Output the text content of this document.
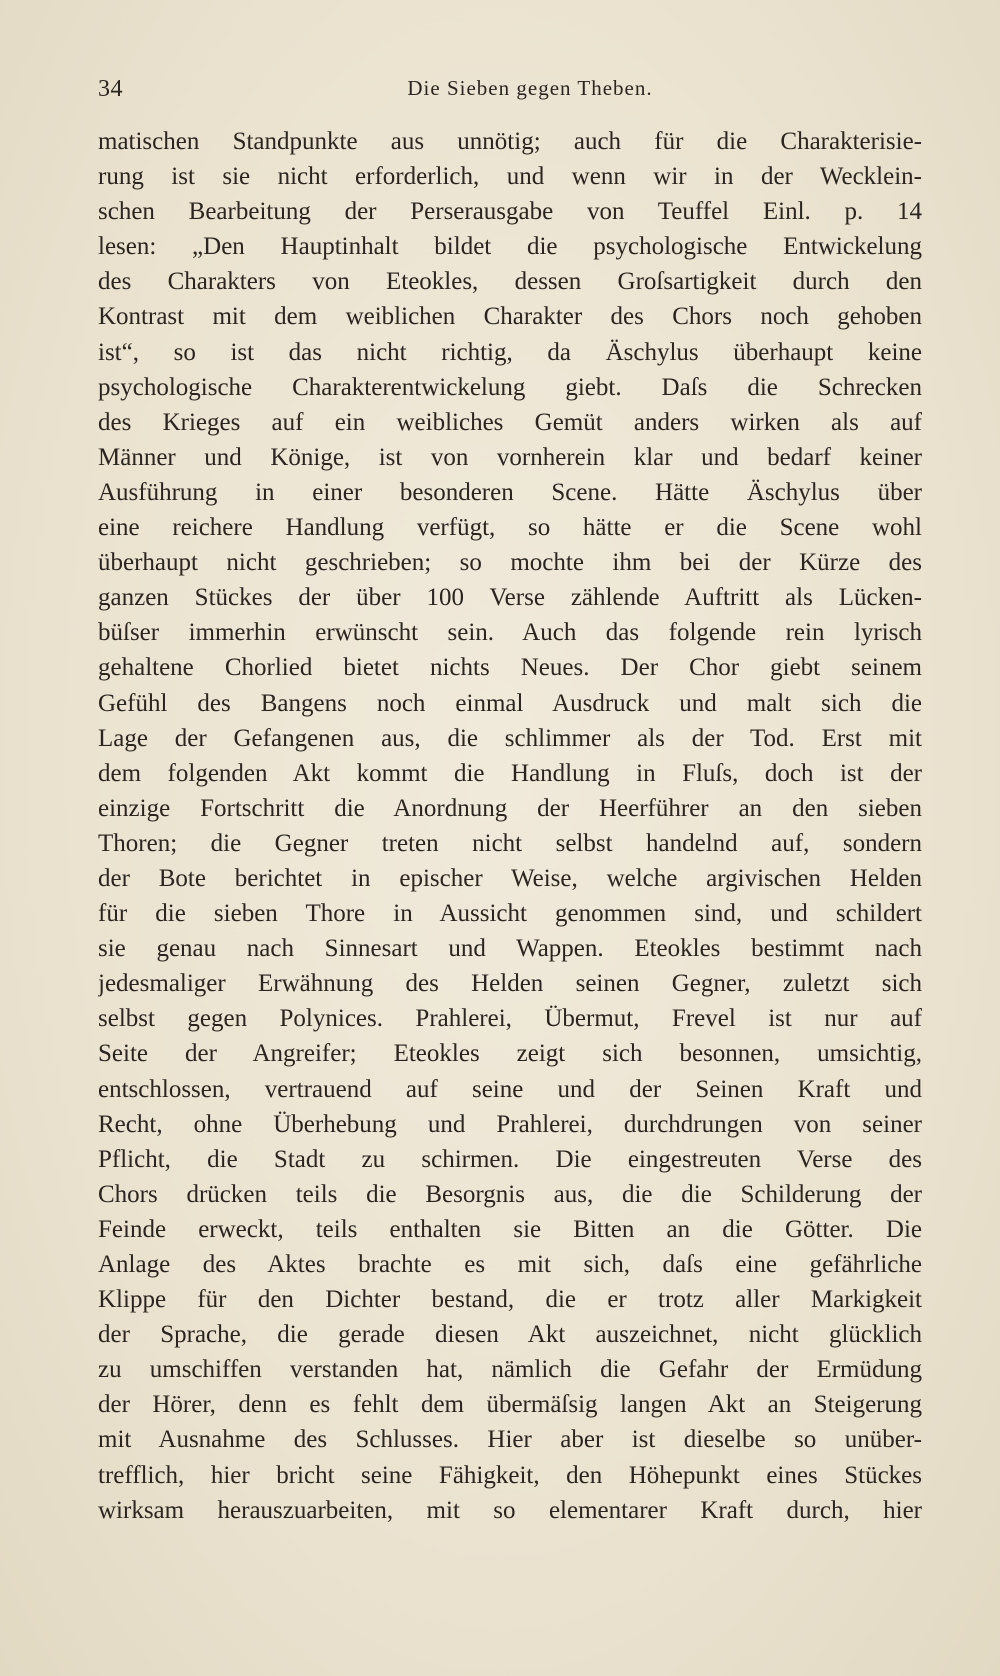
34	Die Sieben gegen Theben.
matischen Standpunkte aus unnötig; auch für die Charakterisie-
rung ist sie nicht erforderlich, und wenn wir in der Wecklein-
schen Bearbeitung der Perserausgabe von Teuffel Einl. p. 14
lesen: „Den Hauptinhalt bildet die psychologische Entwickelung
des Charakters von Eteokles, dessen Groſsartigkeit durch den
Kontrast mit dem weiblichen Charakter des Chors noch gehoben
ist“, so ist das nicht richtig, da Äschylus überhaupt keine
psychologische Charakterentwickelung giebt. Daſs die Schrecken
des Krieges auf ein weibliches Gemüt anders wirken als auf
Männer und Könige, ist von vornherein klar und bedarf keiner
Ausführung in einer besonderen Scene. Hätte Äschylus über
eine reichere Handlung verfügt, so hätte er die Scene wohl
überhaupt nicht geschrieben; so mochte ihm bei der Kürze des
ganzen Stückes der über 100 Verse zählende Auftritt als Lücken-
büſser immerhin erwünscht sein. Auch das folgende rein lyrisch
gehaltene Chorlied bietet nichts Neues. Der Chor giebt seinem
Gefühl des Bangens noch einmal Ausdruck und malt sich die
Lage der Gefangenen aus, die schlimmer als der Tod. Erst mit
dem folgenden Akt kommt die Handlung in Fluſs, doch ist der
einzige Fortschritt die Anordnung der Heerführer an den sieben
Thoren; die Gegner treten nicht selbst handelnd auf, sondern
der Bote berichtet in epischer Weise, welche argivischen Helden
für die sieben Thore in Aussicht genommen sind, und schildert
sie genau nach Sinnesart und Wappen. Eteokles bestimmt nach
jedesmaliger Erwähnung des Helden seinen Gegner, zuletzt sich
selbst gegen Polynices. Prahlerei, Übermut, Frevel ist nur auf
Seite der Angreifer; Eteokles zeigt sich besonnen, umsichtig,
entschlossen, vertrauend auf seine und der Seinen Kraft und
Recht, ohne Überhebung und Prahlerei, durchdrungen von seiner
Pflicht, die Stadt zu schirmen. Die eingestreuten Verse des
Chors drücken teils die Besorgnis aus, die die Schilderung der
Feinde erweckt, teils enthalten sie Bitten an die Götter. Die
Anlage des Aktes brachte es mit sich, daſs eine gefährliche
Klippe für den Dichter bestand, die er trotz aller Markigkeit
der Sprache, die gerade diesen Akt auszeichnet, nicht glücklich
zu umschiffen verstanden hat, nämlich die Gefahr der Ermüdung
der Hörer, denn es fehlt dem übermäſsig langen Akt an Steigerung
mit Ausnahme des Schlusses. Hier aber ist dieselbe so unüber-
trefflich, hier bricht seine Fähigkeit, den Höhepunkt eines Stückes
wirksam herauszuarbeiten, mit so elementarer Kraft durch, hier
